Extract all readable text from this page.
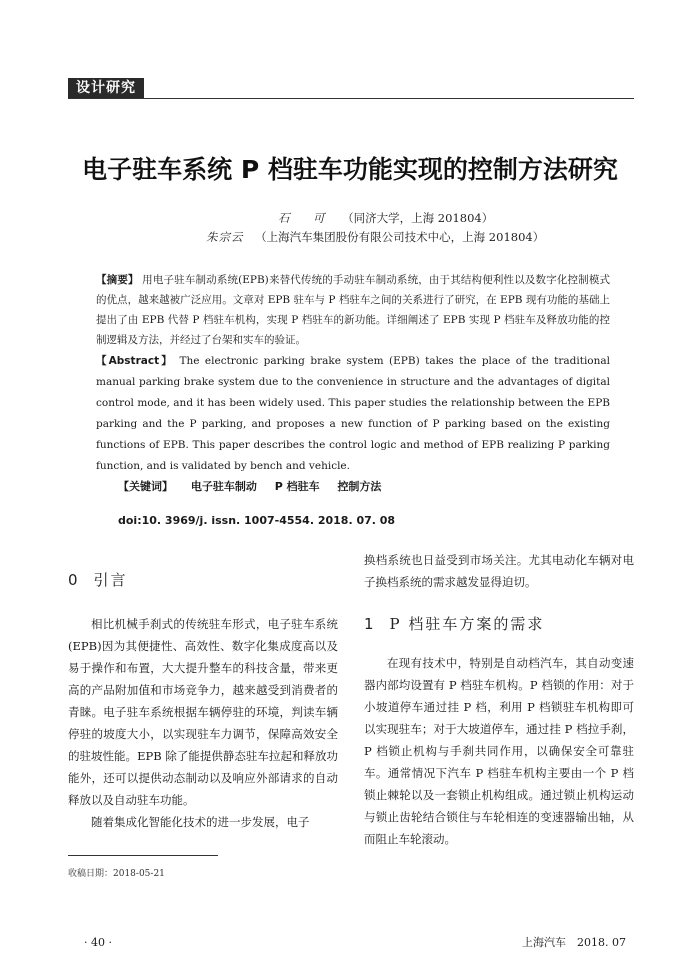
设计研究
电子驻车系统 P 档驻车功能实现的控制方法研究
石　可 （同济大学，上海 201804）
朱宗云 （上海汽车集团股份有限公司技术中心，上海 201804）
【摘要】 用电子驻车制动系统(EPB)来替代传统的手动驻车制动系统，由于其结构便利性以及数字化控制模式的优点，越来越被广泛应用。文章对 EPB 驻车与 P 档驻车之间的关系进行了研究，在 EPB 现有功能的基础上提出了由 EPB 代替 P 档驻车机构，实现 P 档驻车的新功能。详细阐述了 EPB 实现 P 档驻车及释放功能的控制逻辑及方法，并经过了台架和实车的验证。
【Abstract】 The electronic parking brake system (EPB) takes the place of the traditional manual parking brake system due to the convenience in structure and the advantages of digital control mode, and it has been widely used. This paper studies the relationship between the EPB parking and the P parking, and proposes a new function of P parking based on the existing functions of EPB. This paper describes the control logic and method of EPB realizing P parking function, and is validated by bench and vehicle.
【关键词】 电子驻车制动 P 档驻车 控制方法
doi:10. 3969/j. issn. 1007-4554. 2018. 07. 08
0 引言

相比机械手刹式的传统驻车形式，电子驻车系统(EPB)因为其便捷性、高效性、数字化集成度高以及易于操作和布置，大大提升整车的科技含量，带来更高的产品附加值和市场竞争力，越来越受到消费者的青睐。电子驻车系统根据车辆停驻的环境，判读车辆停驻的坡度大小，以实现驻车力调节，保障高效安全的驻坡性能。EPB 除了能提供静态驻车拉起和释放功能外，还可以提供动态制动以及响应外部请求的自动释放以及自动驻车功能。

随着集成化智能化技术的进一步发展，电子

换档系统也日益受到市场关注。尤其电动化车辆对电子换档系统的需求越发显得迫切。

1 P 档驻车方案的需求

在现有技术中，特别是自动档汽车，其自动变速器内部均设置有 P 档驻车机构。P 档锁的作用：对于小坡道停车通过挂 P 档，利用 P 档锁驻车机构即可以实现驻车；对于大坡道停车，通过挂 P 档拉手刹，P 档锁止机构与手刹共同作用，以确保安全可靠驻车。通常情况下汽车 P 档驻车机构主要由一个 P 档锁止棘轮以及一套锁止机构组成。通过锁止机构运动与锁止齿轮结合锁住与车轮相连的变速器输出轴，从而阻止车轮滚动。

收稿日期：2018-05-21
· 40 ·	上海汽车　2018. 07
